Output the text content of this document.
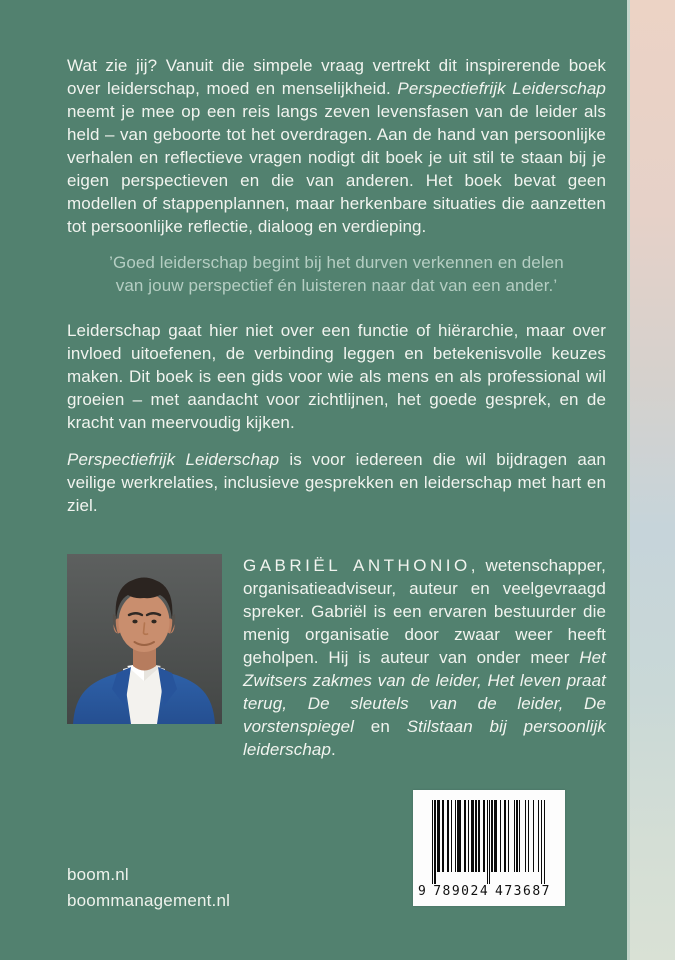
Wat zie jij? Vanuit die simpele vraag vertrekt dit inspirerende boek over leiderschap, moed en menselijkheid. Perspectiefrijk Leiderschap neemt je mee op een reis langs zeven levensfasen van de leider als held – van geboorte tot het overdragen. Aan de hand van persoonlijke verhalen en reflectieve vragen nodigt dit boek je uit stil te staan bij je eigen perspectieven en die van anderen. Het boek bevat geen modellen of stappenplannen, maar herkenbare situaties die aanzetten tot persoonlijke reflectie, dialoog en verdieping.

’Goed leiderschap begint bij het durven verkennen en delen van jouw perspectief én luisteren naar dat van een ander.’

Leiderschap gaat hier niet over een functie of hiërarchie, maar over invloed uitoefenen, de verbinding leggen en betekenisvolle keuzes maken. Dit boek is een gids voor wie als mens en als professional wil groeien – met aandacht voor zichtlijnen, het goede gesprek, en de kracht van meervoudig kijken.

Perspectiefrijk Leiderschap is voor iedereen die wil bijdragen aan veilige werkrelaties, inclusieve gesprekken en leiderschap met hart en ziel.

GABRIËL ANTHONIO, wetenschapper, organisatieadviseur, auteur en veelgevraagd spreker. Gabriël is een ervaren bestuurder die menig organisatie door zwaar weer heeft geholpen. Hij is auteur van onder meer Het Zwitsers zakmes van de leider, Het leven praat terug, De sleutels van de leider, De vorstenspiegel en Stilstaan bij persoonlijk leiderschap.

boom.nl
boommanagement.nl	9 789024 473687
